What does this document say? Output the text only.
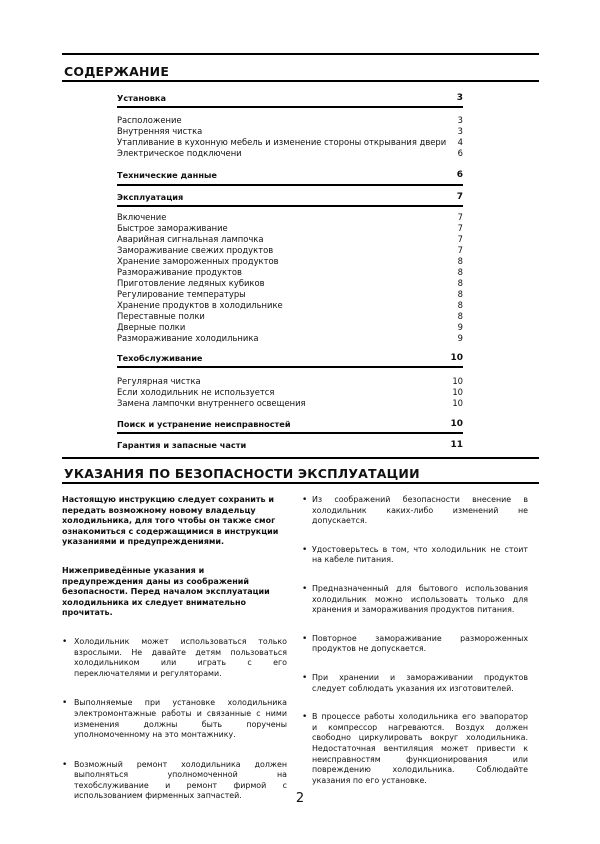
СОДЕРЖАНИЕ
Установка	3
Расположение	3
Внутренняя чистка	3
Утапливание в кухонную мебель и изменение стороны открывания двери 4
Электрическое подключени	6
Технические данные	6
Эксплуатация	7
Включение	7
Быстрое замораживание	7
Аварийная сигнальная лампочка	7
Замораживание свежих продуктов	7
Хранение замороженных продуктов	8
Размораживание продуктов	8
Приготовление ледяных кубиков	8
Регулирование температуры	8
Хранение продуктов в холодильнике	8
Переставные полки	8
Дверные полки	9
Размораживание холодильника	9
Техобслуживание	10
Регулярная чистка	10
Если холодильник не используется	10
Замена лампочки внутреннего освещения	10
Поиск и устранение неисправностей	10
Гарантия и запасные части	11
УКАЗАНИЯ ПО БЕЗОПАСНОСТИ ЭКСПЛУАТАЦИИ

Настоящую инструкцию следует сохранить и передать возможному новому владельцу холодильника, для того чтобы он также смог ознакомиться с содержащимися в инструкции указаниями и предупреждениями.

Нижеприведённые указания и предупреждения даны из соображений безопасности. Перед началом эксплуатации холодильника их следует внимательно прочитать.

• Холодильник может использоваться только взрослыми. Не давайте детям пользоваться холодильником или играть с его переключателями и регуляторами.
• Выполняемые при установке холодильника электромонтажные работы и связанные с ними изменения должны быть поручены уполномоченному на это монтажнику.
• Возможный ремонт холодильника должен выполняться уполномоченной на техобслуживание и ремонт фирмой с использованием фирменных запчастей.
• Из соображений безопасности внесение в холодильник каких-либо изменений не допускается.
• Удостоверьтесь в том, что холодильник не стоит на кабеле питания.
• Предназначенный для бытового использования холодильник можно использовать только для хранения и замораживания продуктов питания.
• Повторное замораживание размороженных продуктов не допускается.
• При хранении и замораживании продуктов следует соблюдать указания их изготовителей.
• В процессе работы холодильника его эвапоратор и компрессор нагреваются. Воздух должен свободно циркулировать вокруг холодильника. Недостаточная вентиляция может привести к неисправностям функционирования или повреждению холодильника. Соблюдайте указания по его установке.
2
